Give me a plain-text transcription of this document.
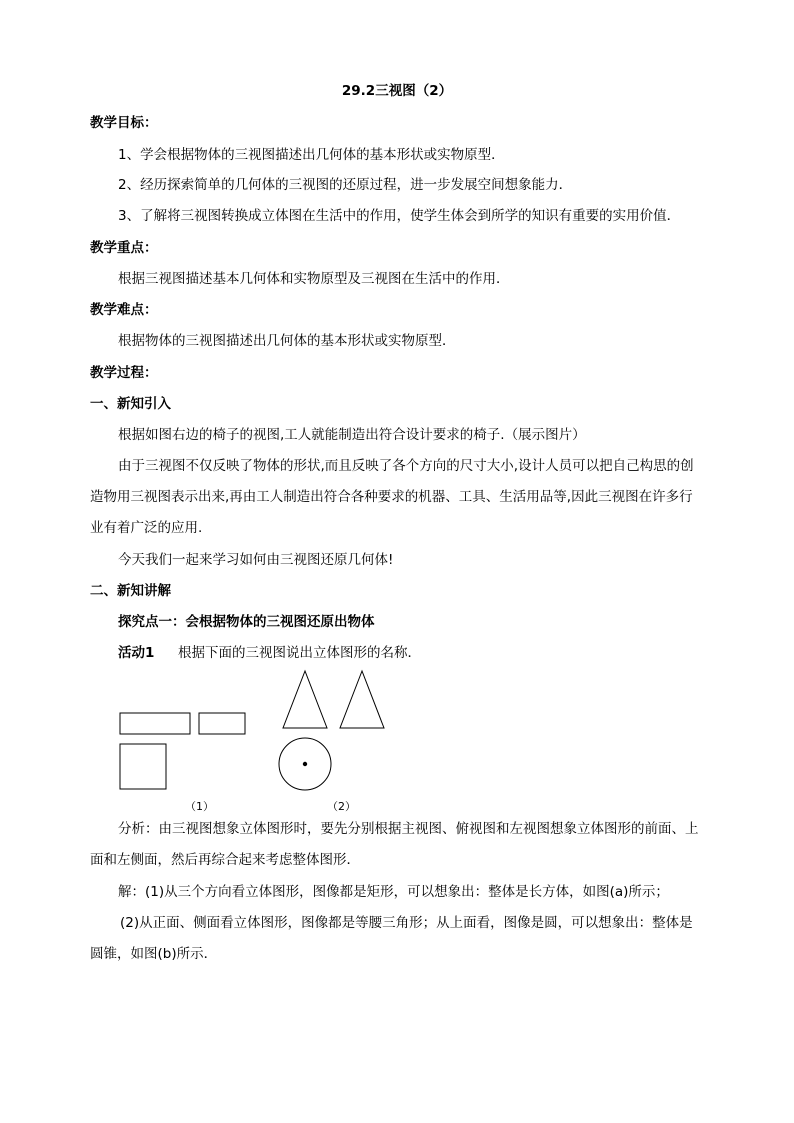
29.2三视图（2）
教学目标：
1、学会根据物体的三视图描述出几何体的基本形状或实物原型．
2、经历探索简单的几何体的三视图的还原过程，进一步发展空间想象能力．
3、了解将三视图转换成立体图在生活中的作用，使学生体会到所学的知识有重要的实用价值．
教学重点：
根据三视图描述基本几何体和实物原型及三视图在生活中的作用．
教学难点：
根据物体的三视图描述出几何体的基本形状或实物原型．
教学过程：
一、新知引入
根据如图右边的椅子的视图,工人就能制造出符合设计要求的椅子.（展示图片）
由于三视图不仅反映了物体的形状,而且反映了各个方向的尺寸大小,设计人员可以把自己构思的创造物用三视图表示出来,再由工人制造出符合各种要求的机器、工具、生活用品等,因此三视图在许多行业有着广泛的应用.
今天我们一起来学习如何由三视图还原几何体!
二、新知讲解
探究点一：会根据物体的三视图还原出物体
活动1 根据下面的三视图说出立体图形的名称．
（1）	（2）
分析：由三视图想象立体图形时，要先分别根据主视图、俯视图和左视图想象立体图形的前面、上面和左侧面，然后再综合起来考虑整体图形．
解：(1)从三个方向看立体图形，图像都是矩形，可以想象出：整体是长方体，如图(a)所示；
(2)从正面、侧面看立体图形，图像都是等腰三角形；从上面看，图像是圆，可以想象出：整体是圆锥，如图(b)所示．
